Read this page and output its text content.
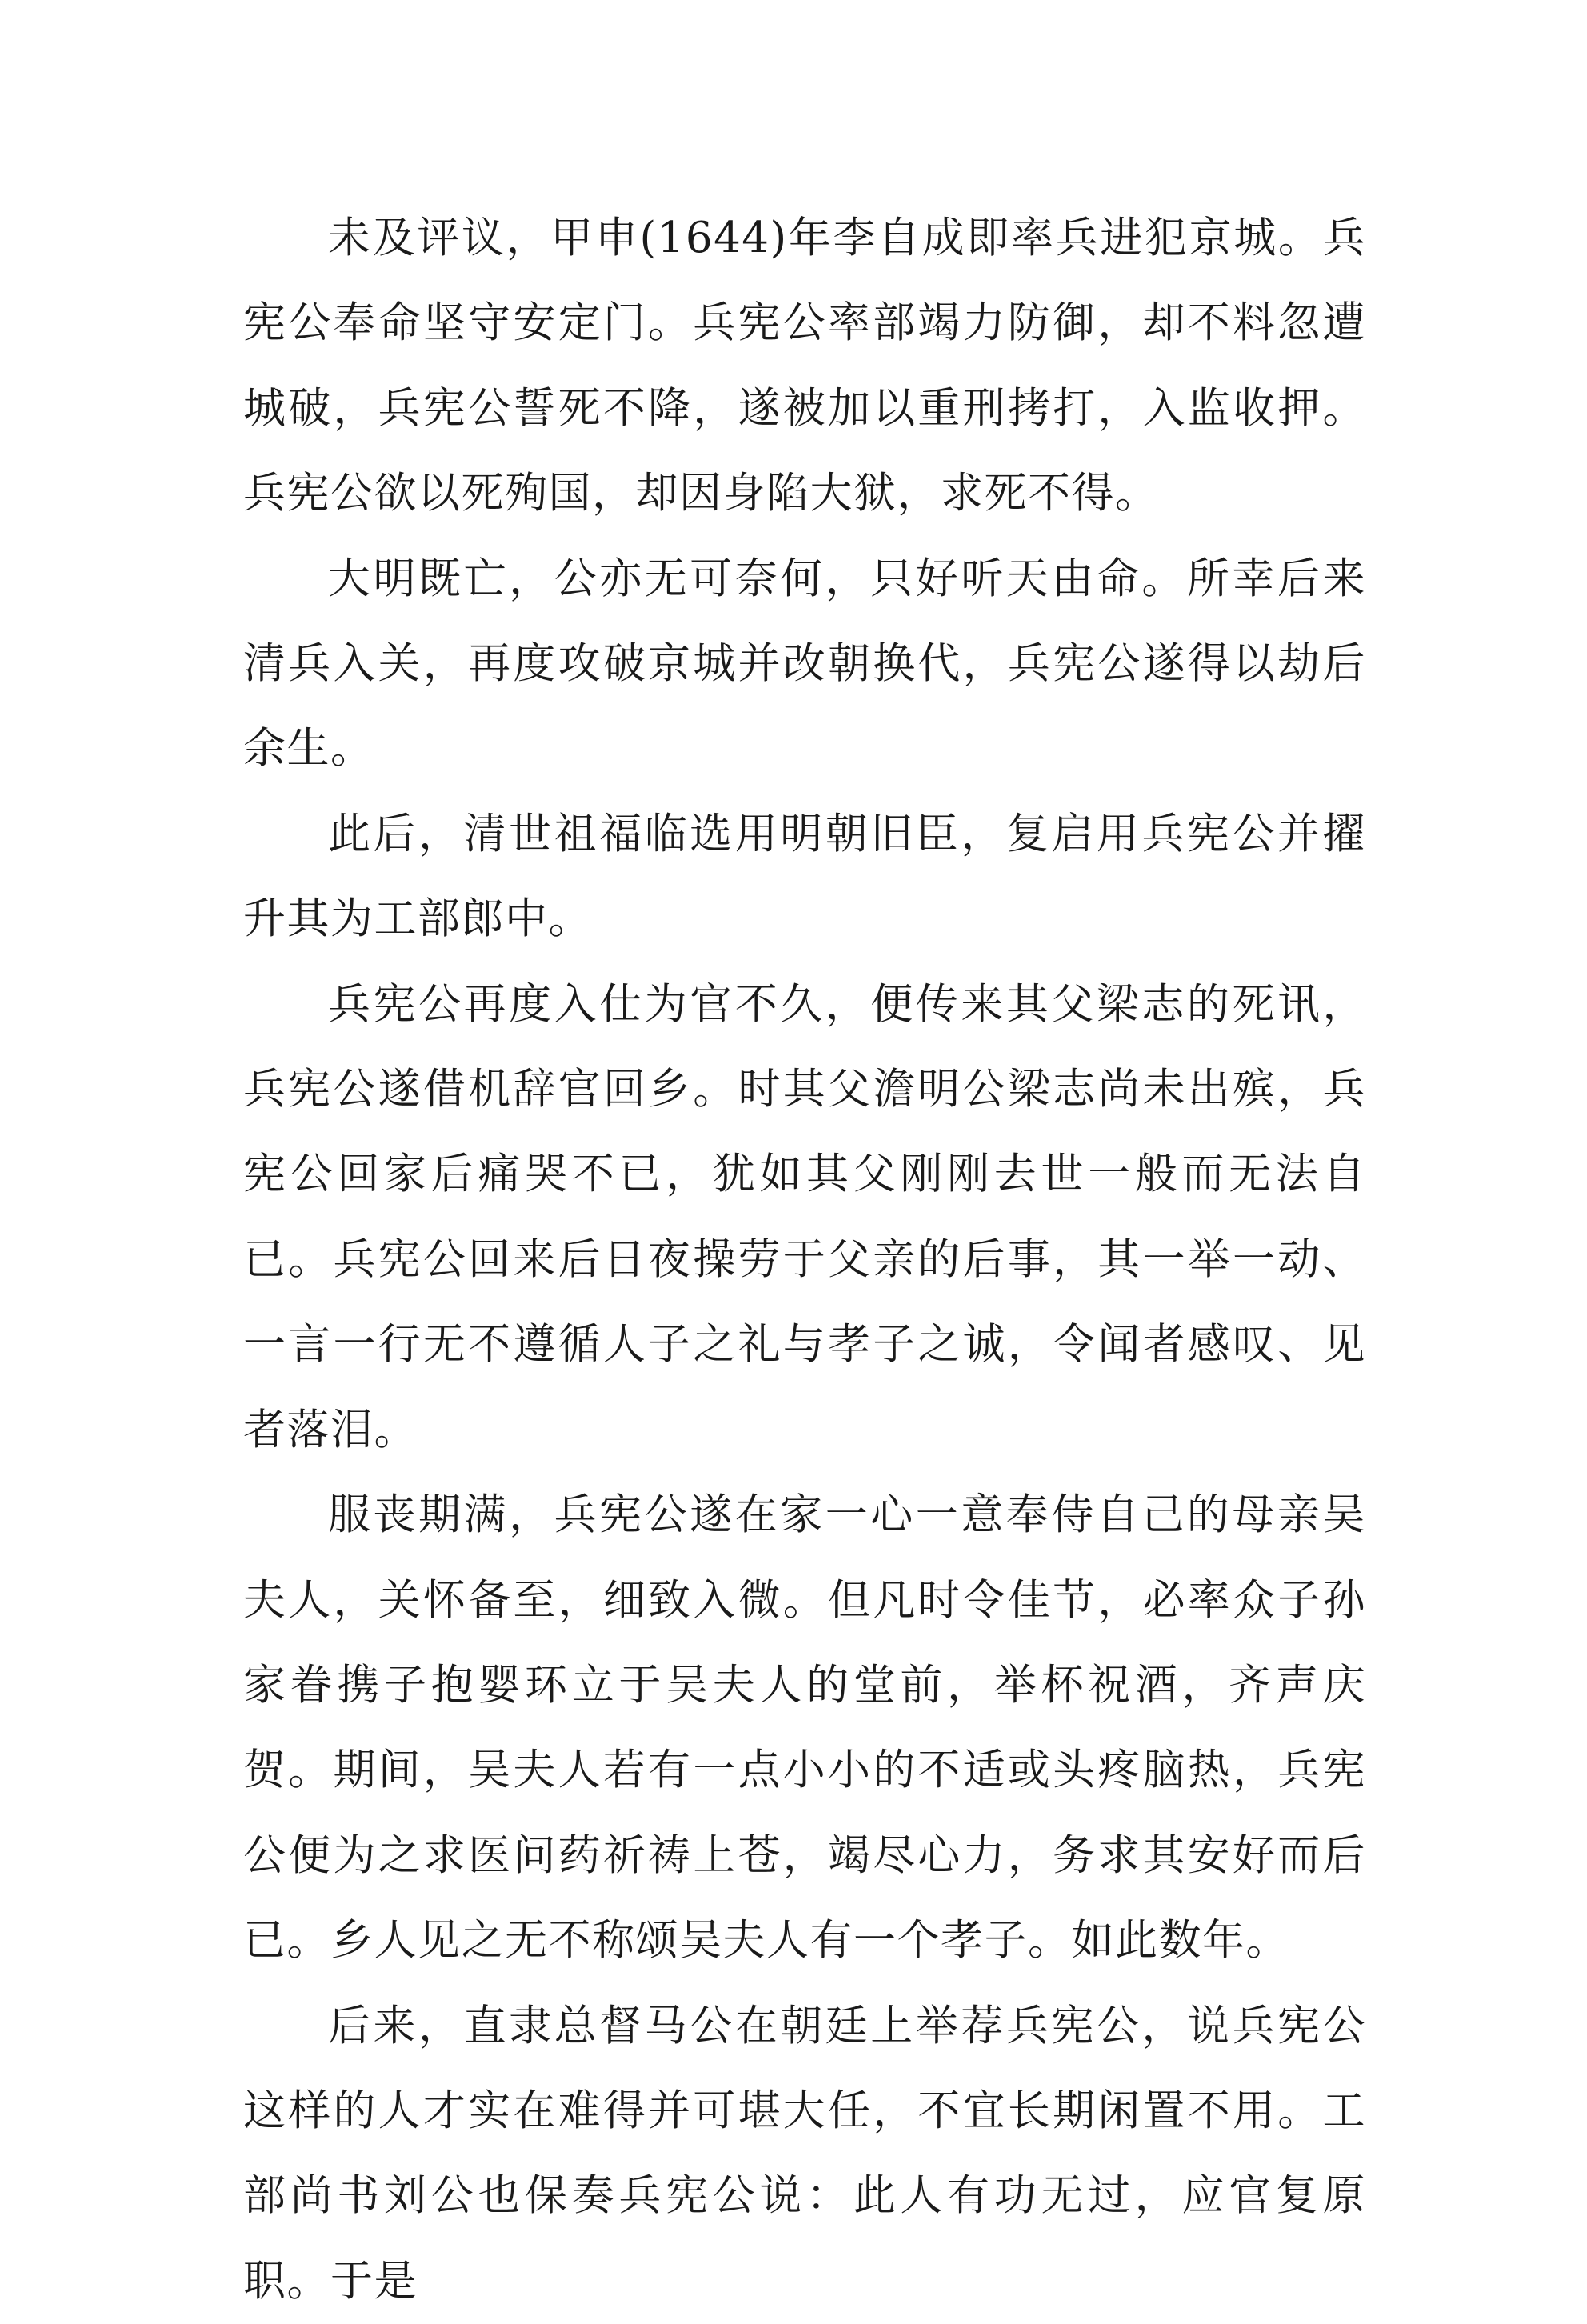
未及评议，甲申(1644)年李自成即率兵进犯京城。兵宪公奉命坚守安定门。兵宪公率部竭力防御，却不料忽遭城破，兵宪公誓死不降，遂被加以重刑拷打，入监收押。兵宪公欲以死殉国，却因身陷大狱，求死不得。

大明既亡，公亦无可奈何，只好听天由命。所幸后来清兵入关，再度攻破京城并改朝换代，兵宪公遂得以劫后余生。

此后，清世祖福临选用明朝旧臣，复启用兵宪公并擢升其为工部郎中。

兵宪公再度入仕为官不久，便传来其父梁志的死讯，兵宪公遂借机辞官回乡。时其父澹明公梁志尚未出殡，兵宪公回家后痛哭不已，犹如其父刚刚去世一般而无法自已。兵宪公回来后日夜操劳于父亲的后事，其一举一动、一言一行无不遵循人子之礼与孝子之诚，令闻者感叹、见者落泪。

服丧期满，兵宪公遂在家一心一意奉侍自己的母亲吴夫人，关怀备至，细致入微。但凡时令佳节，必率众子孙家眷携子抱婴环立于吴夫人的堂前，举杯祝酒，齐声庆贺。期间，吴夫人若有一点小小的不适或头疼脑热，兵宪公便为之求医问药祈祷上苍，竭尽心力，务求其安好而后已。乡人见之无不称颂吴夫人有一个孝子。如此数年。

后来，直隶总督马公在朝廷上举荐兵宪公，说兵宪公这样的人才实在难得并可堪大任，不宜长期闲置不用。工部尚书刘公也保奏兵宪公说：此人有功无过，应官复原职。于是
